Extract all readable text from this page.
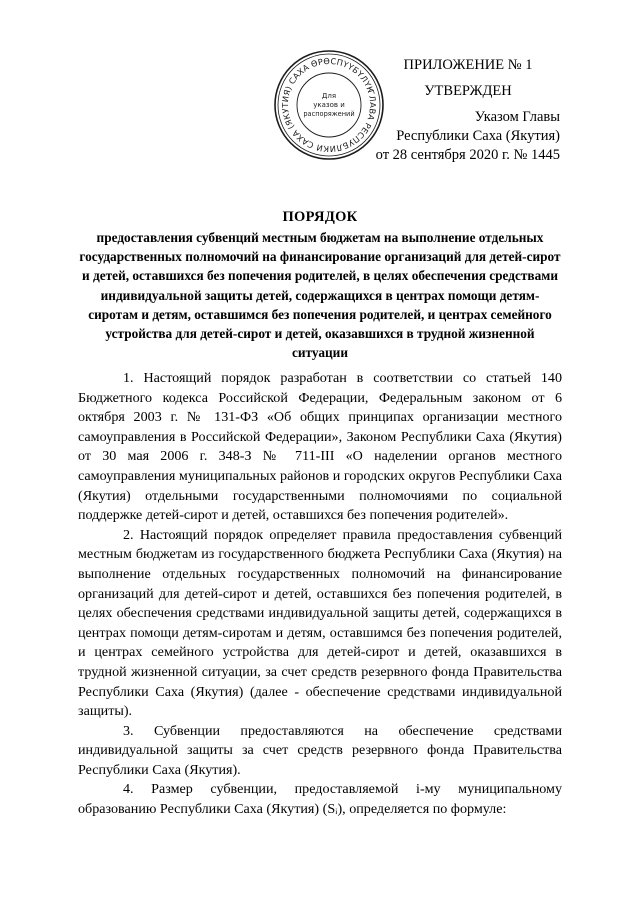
ГЛАВА РЕСПУБЛИКИ САХА (ЯКУТИЯ) САХА ӨРӨСПҮҮБҮЛҮКЭТИН
Для
указов и
распоряжений
ПРИЛОЖЕНИЕ № 1
УТВЕРЖДЕН
Указом Главы
Республики Саха (Якутия)
от 28 сентября 2020 г. № 1445
ПОРЯДОК
предоставления субвенций местным бюджетам на выполнение отдельных государственных полномочий на финансирование организаций для детей-сирот и детей, оставшихся без попечения родителей, в целях обеспечения средствами индивидуальной защиты детей, содержащихся в центрах помощи детям-сиротам и детям, оставшимся без попечения родителей, и центрах семейного устройства для детей-сирот и детей, оказавшихся в трудной жизненной ситуации

1. Настоящий порядок разработан в соответствии со статьей 140 Бюджетного кодекса Российской Федерации, Федеральным законом от 6 октября 2003 г. № 131-ФЗ «Об общих принципах организации местного самоуправления в Российской Федерации», Законом Республики Саха (Якутия) от 30 мая 2006 г. 348-З № 711-III «О наделении органов местного самоуправления муниципальных районов и городских округов Республики Саха (Якутия) отдельными государственными полномочиями по социальной поддержке детей-сирот и детей, оставшихся без попечения родителей».

2. Настоящий порядок определяет правила предоставления субвенций местным бюджетам из государственного бюджета Республики Саха (Якутия) на выполнение отдельных государственных полномочий на финансирование организаций для детей-сирот и детей, оставшихся без попечения родителей, в целях обеспечения средствами индивидуальной защиты детей, содержащихся в центрах помощи детям-сиротам и детям, оставшимся без попечения родителей, и центрах семейного устройства для детей-сирот и детей, оказавшихся в трудной жизненной ситуации, за счет средств резервного фонда Правительства Республики Саха (Якутия) (далее - обеспечение средствами индивидуальной защиты).

3. Субвенции предоставляются на обеспечение средствами индивидуальной защиты за счет средств резервного фонда Правительства Республики Саха (Якутия).

4. Размер субвенции, предоставляемой i-му муниципальному образованию Республики Саха (Якутия) (Sᵢ), определяется по формуле:
